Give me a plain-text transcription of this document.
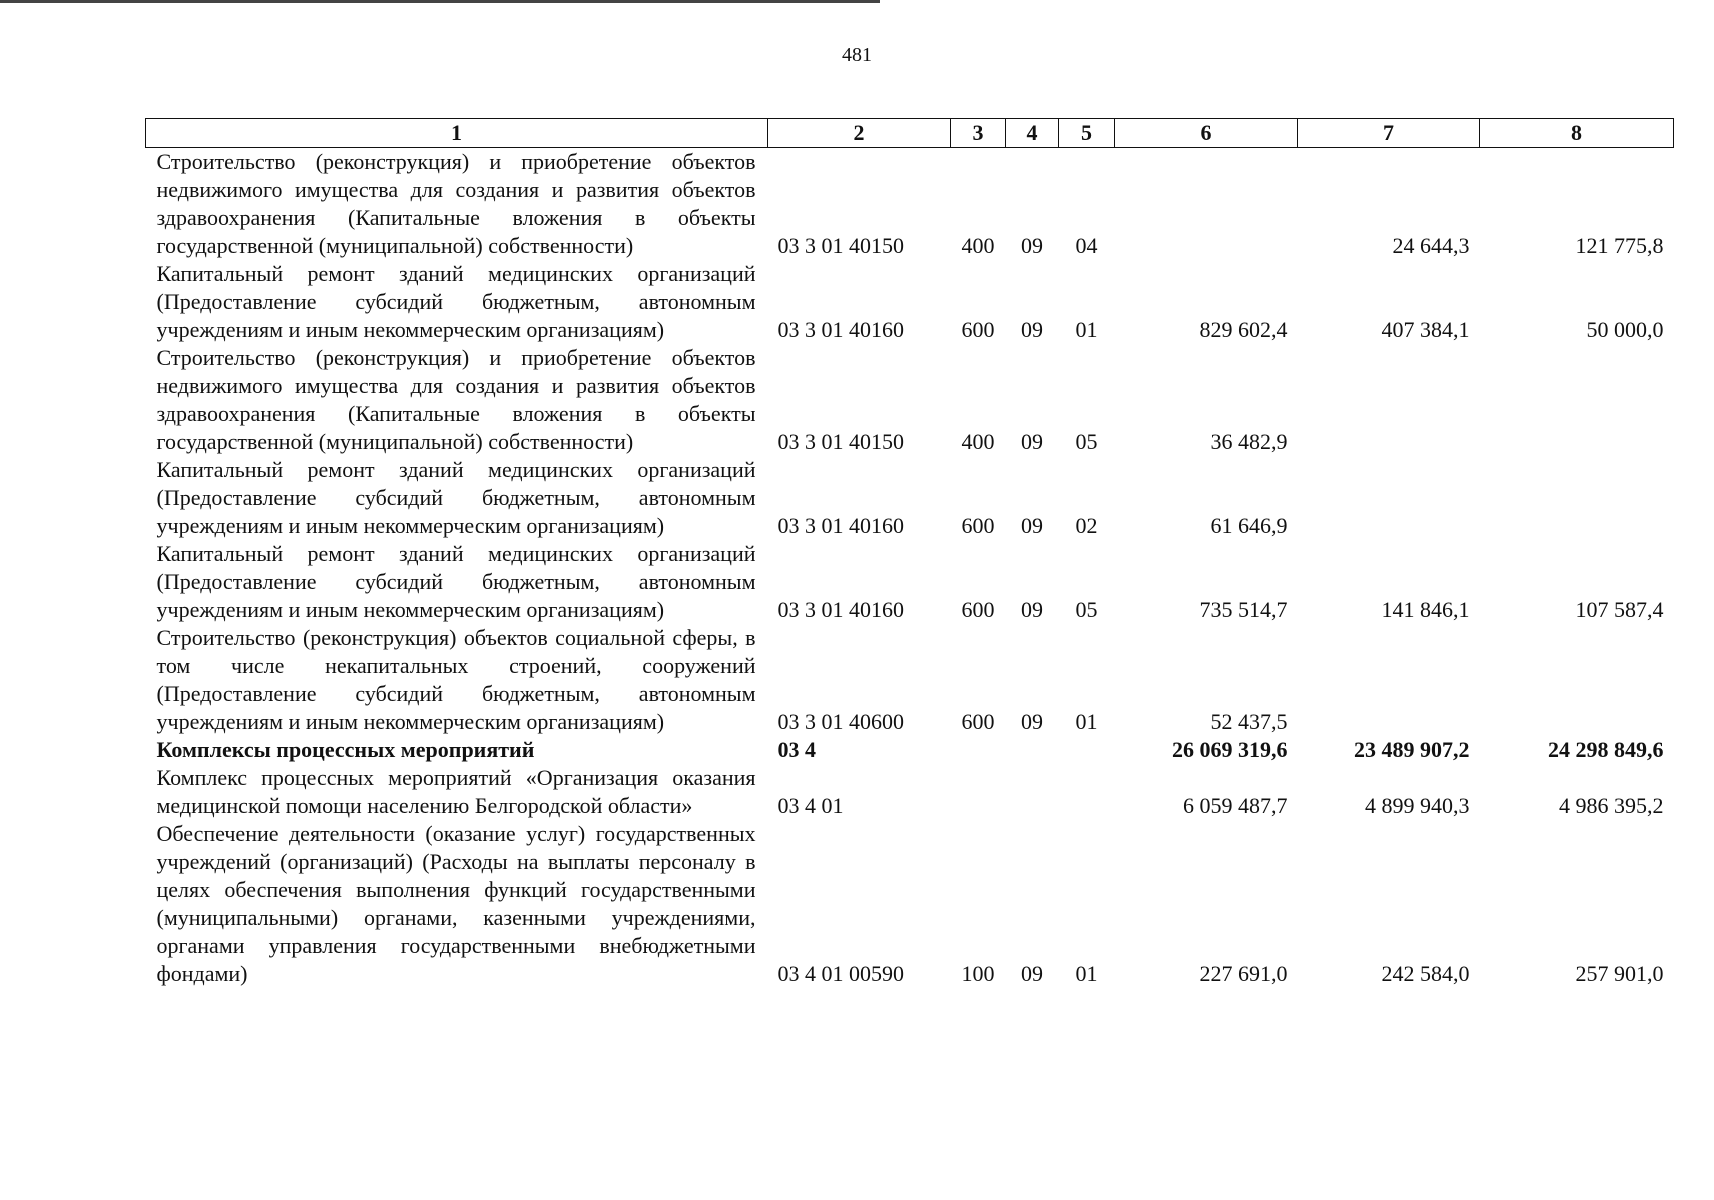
481
1	2	3	4	5	6	7	8
Строительство (реконструкция) и приобретение объектов недвижимого имущества для создания и развития объектов здравоохранения (Капитальные вложения в объекты государственной (муниципальной) собственности)	03 3 01 40150	400	09	04		24 644,3	121 775,8
Капитальный ремонт зданий медицинских организаций (Предоставление субсидий бюджетным, автономным учреждениям и иным некоммерческим организациям)	03 3 01 40160	600	09	01	829 602,4	407 384,1	50 000,0
Строительство (реконструкция) и приобретение объектов недвижимого имущества для создания и развития объектов здравоохранения (Капитальные вложения в объекты государственной (муниципальной) собственности)	03 3 01 40150	400	09	05	36 482,9		
Капитальный ремонт зданий медицинских организаций (Предоставление субсидий бюджетным, автономным учреждениям и иным некоммерческим организациям)	03 3 01 40160	600	09	02	61 646,9		
Капитальный ремонт зданий медицинских организаций (Предоставление субсидий бюджетным, автономным учреждениям и иным некоммерческим организациям)	03 3 01 40160	600	09	05	735 514,7	141 846,1	107 587,4
Строительство (реконструкция) объектов социальной сферы, в том числе некапитальных строений, сооружений (Предоставление субсидий бюджетным, автономным учреждениям и иным некоммерческим организациям)	03 3 01 40600	600	09	01	52 437,5		
Комплексы процессных мероприятий	03 4				26 069 319,6	23 489 907,2	24 298 849,6
Комплекс процессных мероприятий «Организация оказания медицинской помощи населению Белгородской области»	03 4 01				6 059 487,7	4 899 940,3	4 986 395,2
Обеспечение деятельности (оказание услуг) государственных учреждений (организаций) (Расходы на выплаты персоналу в целях обеспечения выполнения функций государственными (муниципальными) органами, казенными учреждениями, органами управления государственными внебюджетными фондами)	03 4 01 00590	100	09	01	227 691,0	242 584,0	257 901,0
